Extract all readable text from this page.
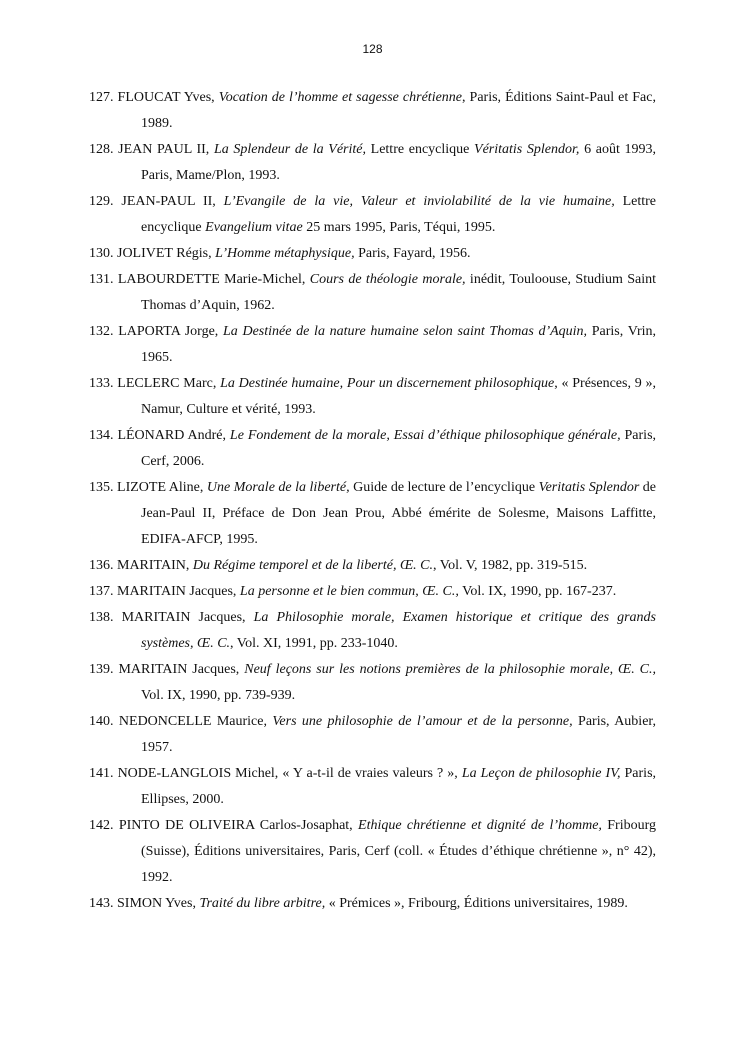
128
127. FLOUCAT Yves, Vocation de l’homme et sagesse chrétienne, Paris, Éditions Saint-Paul et Fac, 1989.
128. JEAN PAUL II, La Splendeur de la Vérité, Lettre encyclique Véritatis Splendor, 6 août 1993, Paris, Mame/Plon, 1993.
129. JEAN-PAUL II, L’Evangile de la vie, Valeur et inviolabilité de la vie humaine, Lettre encyclique Evangelium vitae 25 mars 1995, Paris, Téqui, 1995.
130. JOLIVET Régis, L’Homme métaphysique, Paris, Fayard, 1956.
131. LABOURDETTE Marie-Michel, Cours de théologie morale, inédit, Touloouse, Studium Saint Thomas d’Aquin, 1962.
132. LAPORTA Jorge, La Destinée de la nature humaine selon saint Thomas d’Aquin, Paris, Vrin, 1965.
133. LECLERC Marc, La Destinée humaine, Pour un discernement philosophique, « Présences, 9 », Namur, Culture et vérité, 1993.
134. LÉONARD André, Le Fondement de la morale, Essai d’éthique philosophique générale, Paris, Cerf, 2006.
135. LIZOTE Aline, Une Morale de la liberté, Guide de lecture de l’encyclique Veritatis Splendor de Jean-Paul II, Préface de Don Jean Prou, Abbé émérite de Solesme, Maisons Laffitte, EDIFA-AFCP, 1995.
136. MARITAIN, Du Régime temporel et de la liberté, Œ. C., Vol. V, 1982, pp. 319-515.
137. MARITAIN Jacques, La personne et le bien commun, Œ. C., Vol. IX, 1990, pp. 167-237.
138. MARITAIN Jacques, La Philosophie morale, Examen historique et critique des grands systèmes, Œ. C., Vol. XI, 1991, pp. 233-1040.
139. MARITAIN Jacques, Neuf leçons sur les notions premières de la philosophie morale, Œ. C., Vol. IX, 1990, pp. 739-939.
140. NEDONCELLE Maurice, Vers une philosophie de l’amour et de la personne, Paris, Aubier, 1957.
141. NODE-LANGLOIS Michel, « Y a-t-il de vraies valeurs ? », La Leçon de philosophie IV, Paris, Ellipses, 2000.
142. PINTO DE OLIVEIRA Carlos-Josaphat, Ethique chrétienne et dignité de l’homme, Fribourg (Suisse), Éditions universitaires, Paris, Cerf (coll. « Études d’éthique chrétienne », n° 42), 1992.
143. SIMON Yves, Traité du libre arbitre, « Prémices », Fribourg, Éditions universitaires, 1989.
